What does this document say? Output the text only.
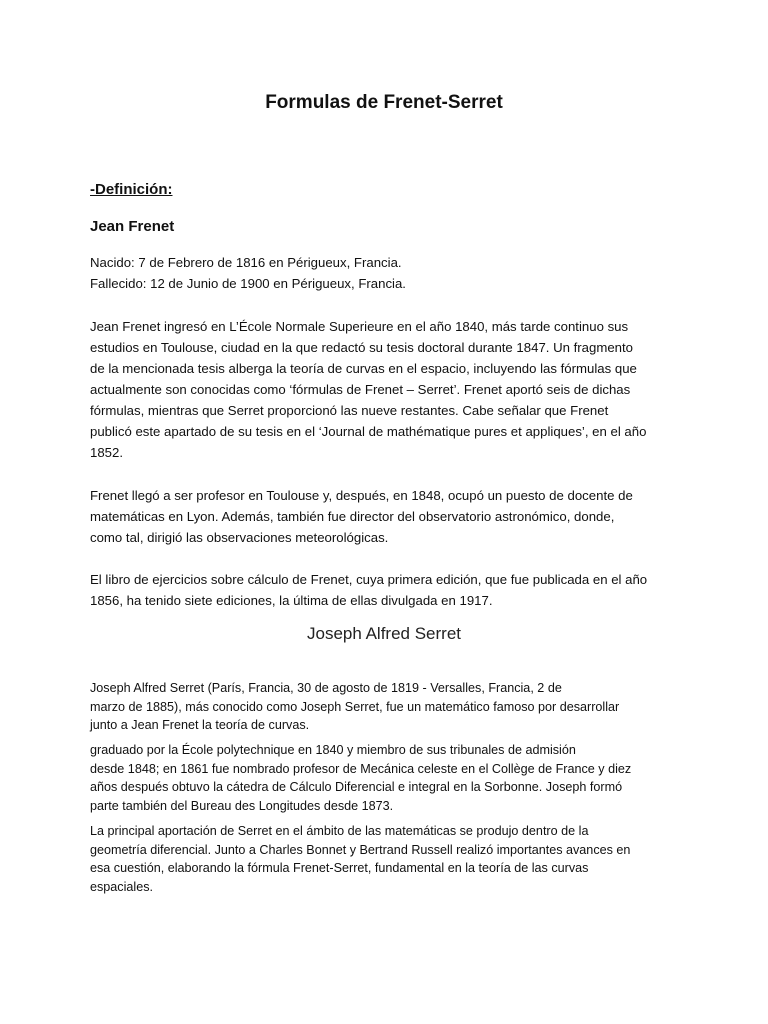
Formulas de Frenet-Serret
-Definición:
Jean Frenet

Nacido: 7 de Febrero de 1816 en Périgueux, Francia.

Fallecido: 12 de Junio de 1900 en Périgueux, Francia.

Jean Frenet ingresó en L’École Normale Superieure en el año 1840, más tarde continuo sus

estudios en Toulouse, ciudad en la que redactó su tesis doctoral durante 1847. Un fragmento

de la mencionada tesis alberga la teoría de curvas en el espacio, incluyendo las fórmulas que

actualmente son conocidas como ‘fórmulas de Frenet – Serret’. Frenet aportó seis de dichas

fórmulas, mientras que Serret proporcionó las nueve restantes. Cabe señalar que Frenet

publicó este apartado de su tesis en el ‘Journal de mathématique pures et appliques’, en el año

1852.

Frenet llegó a ser profesor en Toulouse y, después, en 1848, ocupó un puesto de docente de

matemáticas en Lyon. Además, también fue director del observatorio astronómico, donde,

como tal, dirigió las observaciones meteorológicas.

El libro de ejercicios sobre cálculo de Frenet, cuya primera edición, que fue publicada en el año

1856, ha tenido siete ediciones, la última de ellas divulgada en 1917.

Joseph Alfred Serret

Joseph Alfred Serret (París, Francia, 30 de agosto de 1819 - Versalles, Francia, 2 de

marzo de 1885), más conocido como Joseph Serret, fue un matemático famoso por desarrollar

junto a Jean Frenet la teoría de curvas.

graduado por la École polytechnique en 1840 y miembro de sus tribunales de admisión

desde 1848; en 1861 fue nombrado profesor de Mecánica celeste en el Collège de France y diez

años después obtuvo la cátedra de Cálculo Diferencial e integral en la Sorbonne. Joseph formó

parte también del Bureau des Longitudes desde 1873.

La principal aportación de Serret en el ámbito de las matemáticas se produjo dentro de la

geometría diferencial. Junto a Charles Bonnet y Bertrand Russell realizó importantes avances en

esa cuestión, elaborando la fórmula Frenet-Serret, fundamental en la teoría de las curvas

espaciales.
